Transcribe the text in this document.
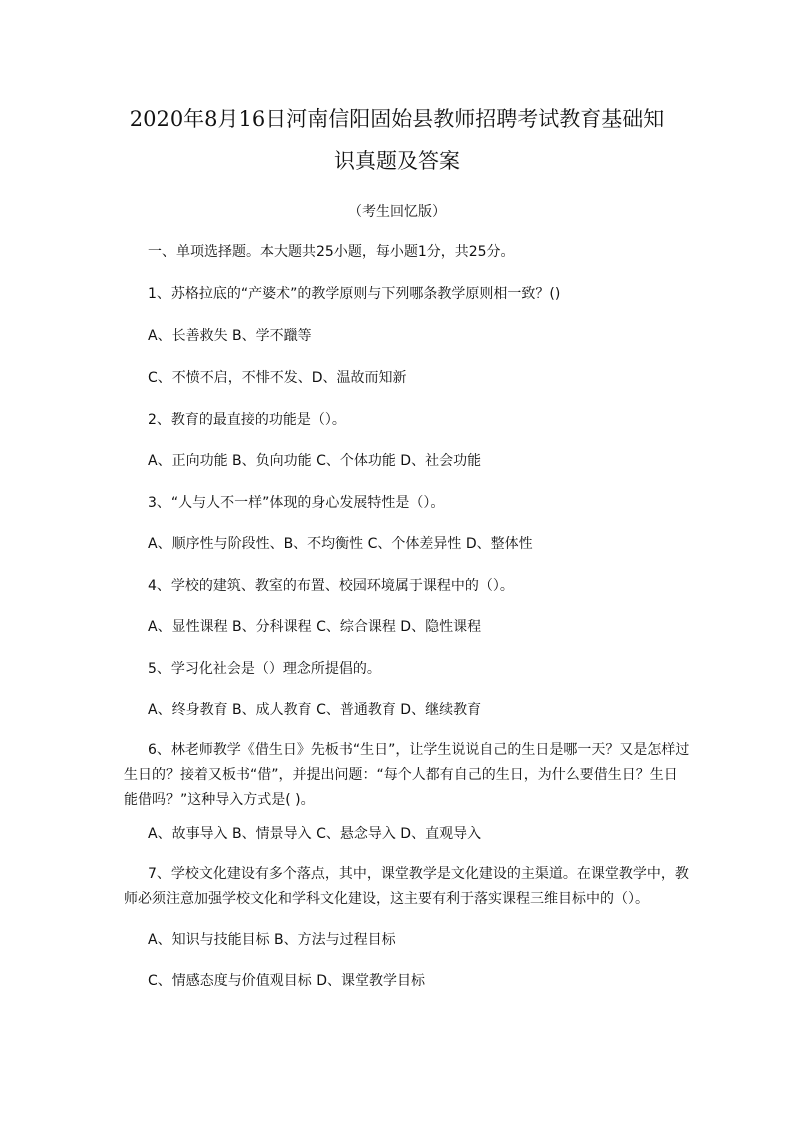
2020年8月16日河南信阳固始县教师招聘考试教育基础知
识真题及答案
（考生回忆版）
一、单项选择题。本大题共25小题，每小题1分，共25分。
1、苏格拉底的“产婆术”的教学原则与下列哪条教学原则相一致？()
A、长善救失 B、学不躐等
C、不愤不启，不悱不发、D、温故而知新
2、教育的最直接的功能是（）。
A、正向功能 B、负向功能 C、个体功能 D、社会功能
3、“人与人不一样”体现的身心发展特性是（）。
A、顺序性与阶段性、B、不均衡性 C、个体差异性 D、整体性
4、学校的建筑、教室的布置、校园环境属于课程中的（）。
A、显性课程 B、分科课程 C、综合课程 D、隐性课程
5、学习化社会是（）理念所提倡的。
A、终身教育 B、成人教育 C、普通教育 D、继续教育
6、林老师教学《借生日》先板书“生日”，让学生说说自己的生日是哪一天？又是怎样过生日的？接着又板书“借”，并提出问题：“每个人都有自己的生日，为什么要借生日？生日能借吗？”这种导入方式是( )。
A、故事导入 B、情景导入 C、悬念导入 D、直观导入
7、学校文化建设有多个落点，其中，课堂教学是文化建设的主渠道。在课堂教学中，教师必须注意加强学校文化和学科文化建设，这主要有利于落实课程三维目标中的（）。
A、知识与技能目标 B、方法与过程目标
C、情感态度与价值观目标 D、课堂教学目标
